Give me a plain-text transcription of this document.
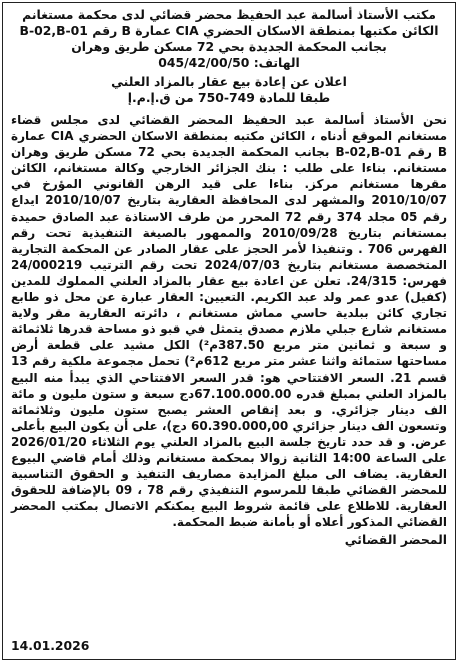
مكتب الأستاذ أسالمة عبد الحفيظ محضر قضائي لدى محكمة مستغانم
الكائن مكتبها بمنطقة الاسكان الحضري CIA عمارة B رقم B-02,B-01
بجانب المحكمة الجديدة بحي 72 مسكن طريق وهران
الهاتف: 045/42/00/50
اعلان عن إعادة بيع عقار بالمزاد العلني
طبقا للمادة 749-750 من ق.إ.م.إ

نحن الأستاذ أسالمة عبد الحفيظ المحضر القضائي لدى مجلس قضاء مستغانم الموقع أدناه ، الكائن مكتبه بمنطقة الاسكان الحضري CIA عمارة B رقم B-02,B-01 بجانب المحكمة الجديدة بحي 72 مسكن طريق وهران مستغانم. بناءا على طلب : بنك الجزائر الخارجي وكالة مستغانم، الكائن مقرها مستغانم مركز. بناءا على قيد الرهن القانوني المؤرخ في 2010/10/07 والمشهر لدى المحافظة العقارية بتاريخ 2010/10/07 ايداع رقم 05 مجلد 374 رقم 72 المحرر من طرف الاستاذة عبد الصادق حميدة بمستغانم بتاريخ 2010/09/28 والممهور بالصيغة التنفيذية تحت رقم الفهرس 706 . وتنفيذا لأمر الحجز على عقار الصادر عن المحكمة التجارية المتخصصة مستغانم بتاريخ 2024/07/03 تحت رقم الترتيب 24/000219 فهرس: 24/315. تعلن عن اعادة بيع عقار بالمزاد العلني المملوك للمدين (كفيل) عدو عمر ولد عبد الكريم. التعيين: العقار عبارة عن محل ذو طابع تجاري كائن ببلدية حاسي مماش مستغانم ، دائرته العقارية مقر ولاية مستغانم شارع جبلي ملازم مصدق يتمثل في قبو ذو مساحة قدرها ثلاثمائة و سبعة و ثمانين متر مربع 387.50م²) الكل مشيد على قطعة أرض مساحتها ستمائة واثنا عشر متر مربع 612م²) تحمل مجموعة ملكية رقم 13 قسم 21. السعر الافتتاحي هو: قدر السعر الافتتاحي الذي يبدأ منه البيع بالمزاد العلني بمبلغ قدره 67.100.000.00دج سبعة و ستون مليون و مائة الف دينار جزائري. و بعد إنقاص العشر يصبح ستون مليون وثلاثمائة وتسعون الف دينار جزائري 60.390.000,00 دج)، على أن يكون البيع بأعلى عرض. و قد حدد تاريخ جلسة البيع بالمزاد العلني يوم الثلاثاء 2026/01/20 على الساعة 14:00 الثانية زوالا بمحكمة مستغانم وذلك أمام قاضي البيوع العقارية. يضاف الى مبلغ المزايدة مصاريف التنفيذ و الحقوق التناسبية للمحضر القضائي طبقا للمرسوم التنفيذي رقم 78 ، 09 بالإضافة للحقوق العقارية. للاطلاع على قائمة شروط البيع يمكنكم الاتصال بمكتب المحضر القضائي المذكور أعلاه أو بأمانة ضبط المحكمة.

المحضر القضائي
14.01.2026
